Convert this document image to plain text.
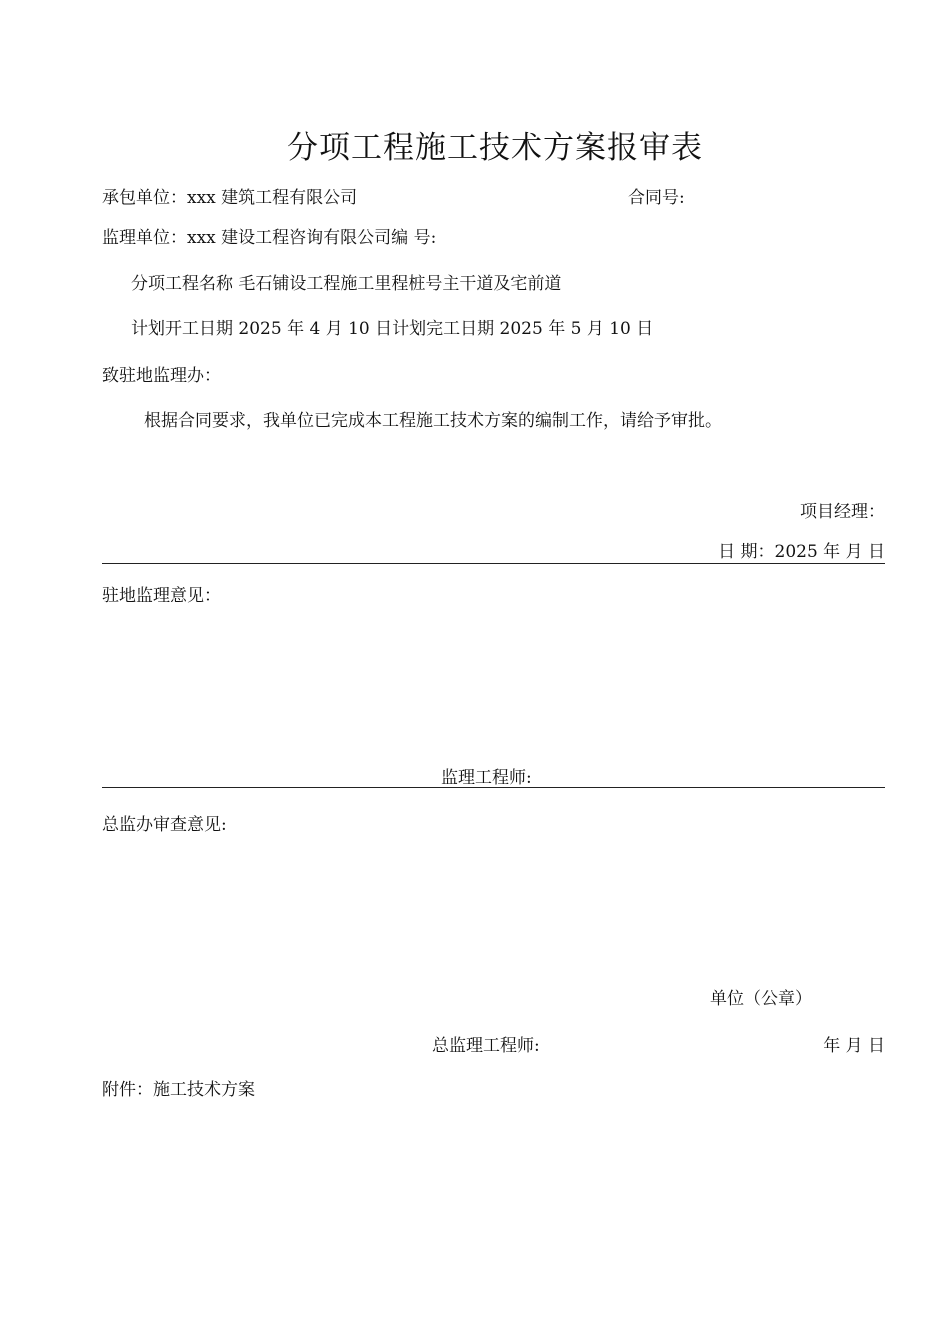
分项工程施工技术方案报审表
承包单位：xxx 建筑工程有限公司	合同号:
监理单位：xxx 建设工程咨询有限公司编 号:
分项工程名称 毛石铺设工程施工里程桩号主干道及宅前道
计划开工日期 2025 年 4 月 10 日计划完工日期 2025 年 5 月 10 日
致驻地监理办：
根据合同要求，我单位已完成本工程施工技术方案的编制工作，请给予审批。
项目经理：
日 期：2025 年 月 日
驻地监理意见：
监理工程师:
总监办审查意见:
单位（公章）
总监理工程师:	年 月 日
附件：施工技术方案
